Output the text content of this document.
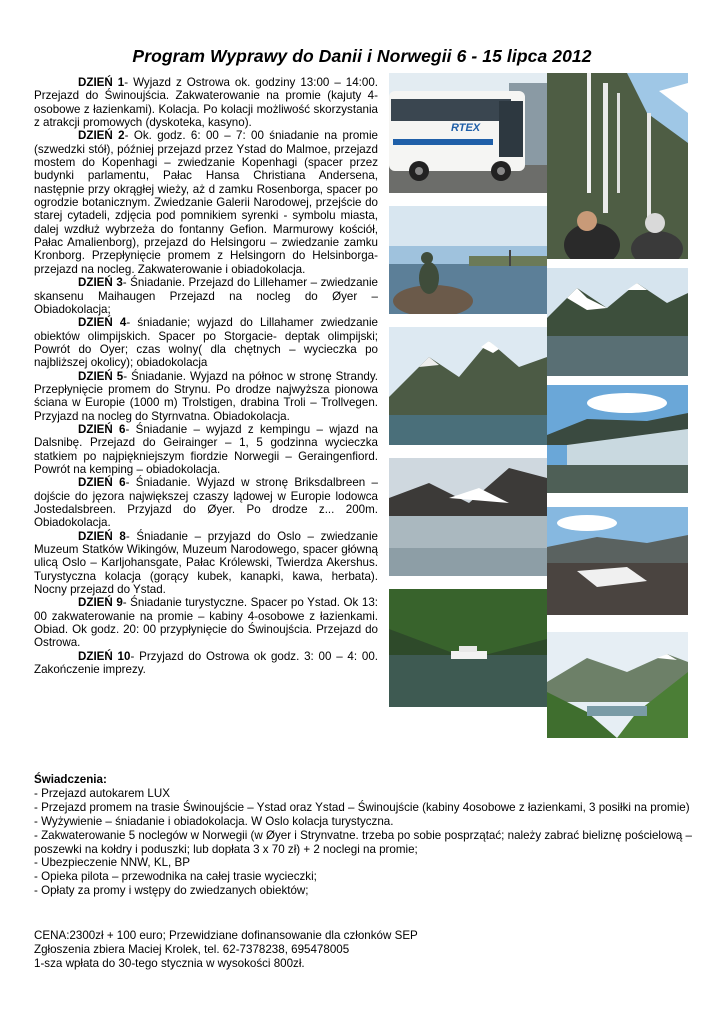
Program Wyprawy do Danii i Norwegii 6 - 15 lipca 2012

DZIEŃ 1- Wyjazd z Ostrowa ok. godziny 13:00 – 14:00. Przejazd do Świnoujścia. Zakwaterowanie na promie (kajuty 4-osobowe z łazienkami). Kolacja. Po kolacji możliwość skorzystania z atrakcji promowych (dyskoteka, kasyno).

DZIEŃ 2- Ok. godz. 6: 00 – 7: 00 śniadanie na promie (szwedzki stół), później przejazd przez Ystad do Malmoe, przejazd mostem do Kopenhagi – zwiedzanie Kopenhagi (spacer przez budynki parlamentu, Pałac Hansa Christiana Andersena, następnie przy okrągłej wieży, aż d zamku Rosenborga, spacer po ogrodzie botanicznym. Zwiedzanie Galerii Narodowej, przejście do starej cytadeli, zdjęcia pod pomnikiem syrenki - symbolu miasta, dalej wzdłuż wybrzeża do fontanny Gefion. Marmurowy kościół, Pałac Amalienborg), przejazd do Helsingoru – zwiedzanie zamku Kronborg. Przepłynięcie promem z Helsingorn do Helsinborga- przejazd na nocleg. Zakwaterowanie i obiadokolacja.

DZIEŃ 3- Śniadanie. Przejazd do Lillehamer – zwiedzanie skansenu Maihaugen Przejazd na nocleg do Øyer – Obiadokolacja;

DZIEŃ 4- śniadanie; wyjazd do Lillahamer zwiedzanie obiektów olimpijskich. Spacer po Storgacie- deptak olimpijski; Powrót do Oyer; czas wolny( dla chętnych – wycieczka po najbliższej okolicy); obiadokolacja

DZIEŃ 5- Śniadanie. Wyjazd na północ w stronę Strandy. Przepłynięcie promem do Strynu. Po drodze najwyższa pionowa ściana w Europie (1000 m) Trolstigen, drabina Troli – Trollvegen. Przyjazd na nocleg do Styrnvatna. Obiadokolacja.

DZIEŃ 6- Śniadanie – wyjazd z kempingu – wjazd na Dalsnibę. Przejazd do Geirainger – 1, 5 godzinna wycieczka statkiem po najpiękniejszym fiordzie Norwegii – Geraingenfiord. Powrót na kemping – obiadokolacja.

DZIEŃ 6- Śniadanie. Wyjazd w stronę Briksdalbreen – dojście do jęzora największej czaszy lądowej w Europie lodowca Jostedalsbreen. Przyjazd do Øyer. Po drodze z... 200m. Obiadokolacja.

DZIEŃ 8- Śniadanie – przyjazd do Oslo – zwiedzanie Muzeum Statków Wikingów, Muzeum Narodowego, spacer główną ulicą Oslo – Karljohansgate, Pałac Królewski, Twierdza Akershus. Turystyczna kolacja (gorący kubek, kanapki, kawa, herbata). Nocny przejazd do Ystad.

DZIEŃ 9- Śniadanie turystyczne. Spacer po Ystad. Ok 13: 00 zakwaterowanie na promie – kabiny 4-osobowe z łazienkami. Obiad. Ok godz. 20: 00 przypłynięcie do Świnoujścia. Przejazd do Ostrowa.

DZIEŃ 10- Przyjazd do Ostrowa ok godz. 3: 00 – 4: 00. Zakończenie imprezy.

RTEX
Świadczenia:
- Przejazd autokarem LUX
- Przejazd promem na trasie Świnoujście – Ystad oraz Ystad – Świnoujście (kabiny 4osobowe z łazienkami, 3 posiłki na promie)
- Wyżywienie – śniadanie i obiadokolacja. W Oslo kolacja turystyczna.
- Zakwaterowanie 5 noclegów w Norwegii (w Øyer i Strynvatne. trzeba po sobie posprzątać; należy zabrać bieliznę pościelową – poszewki na kołdry i poduszki; lub dopłata 3 x 70 zł) + 2 noclegi na promie;
- Ubezpieczenie NNW, KL, BP
- Opieka pilota – przewodnika na całej trasie wycieczki;
- Opłaty za promy i wstępy do zwiedzanych obiektów;
CENA:2300zł + 100 euro; Przewidziane dofinansowanie dla członków SEP
Zgłoszenia zbiera Maciej Krolek, tel. 62-7378238, 695478005
1-sza wpłata do 30-tego stycznia w wysokości 800zł.
